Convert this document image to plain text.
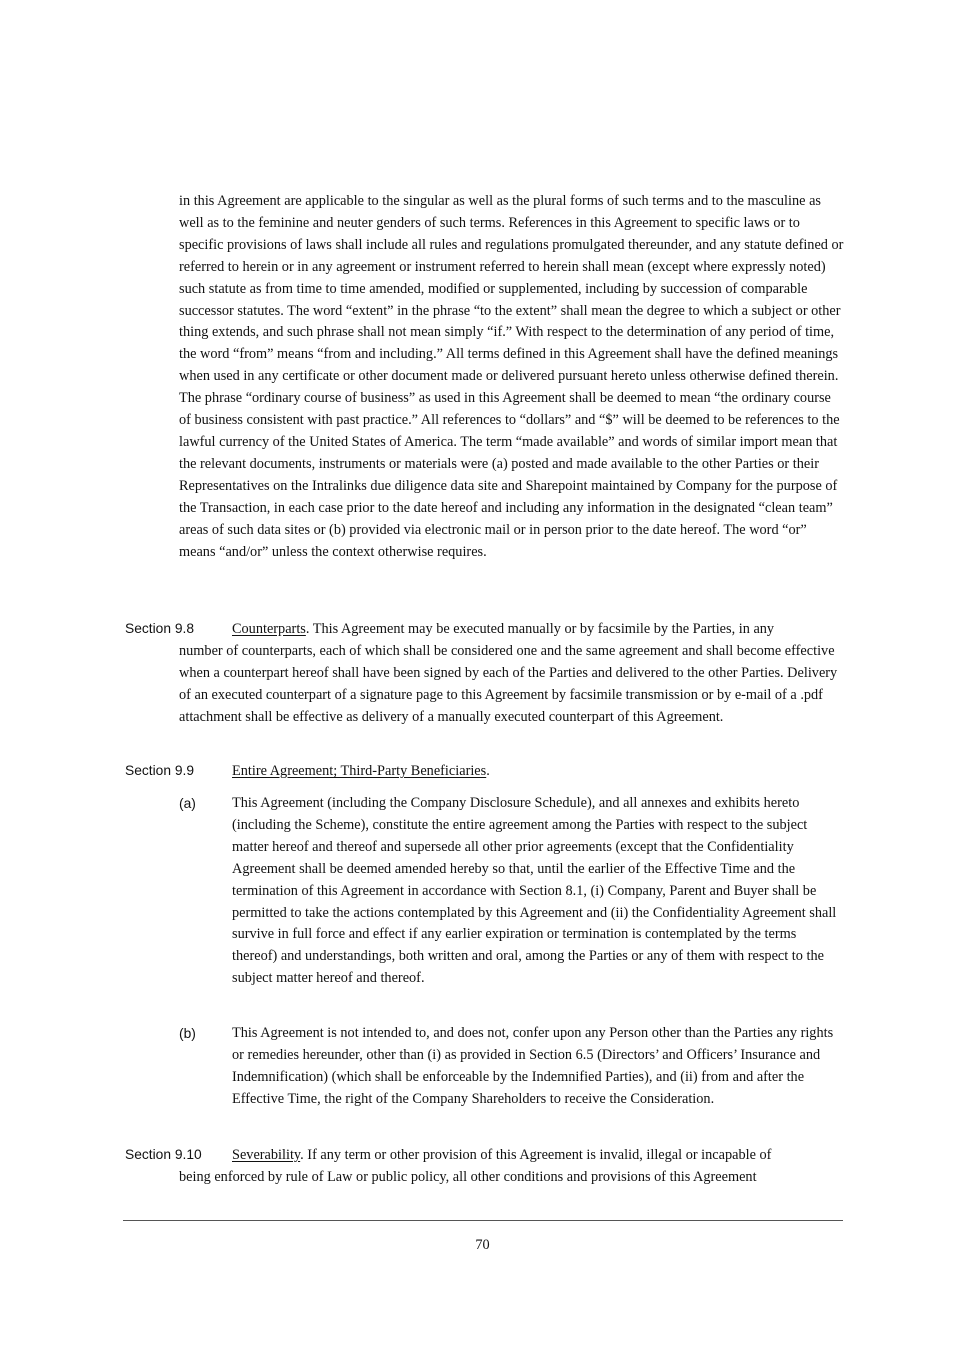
in this Agreement are applicable to the singular as well as the plural forms of such terms and to the masculine as well as to the feminine and neuter genders of such terms. References in this Agreement to specific laws or to specific provisions of laws shall include all rules and regulations promulgated thereunder, and any statute defined or referred to herein or in any agreement or instrument referred to herein shall mean (except where expressly noted) such statute as from time to time amended, modified or supplemented, including by succession of comparable successor statutes. The word “extent” in the phrase “to the extent” shall mean the degree to which a subject or other thing extends, and such phrase shall not mean simply “if.” With respect to the determination of any period of time, the word “from” means “from and including.” All terms defined in this Agreement shall have the defined meanings when used in any certificate or other document made or delivered pursuant hereto unless otherwise defined therein. The phrase “ordinary course of business” as used in this Agreement shall be deemed to mean “the ordinary course of business consistent with past practice.” All references to “dollars” and “$” will be deemed to be references to the lawful currency of the United States of America. The term “made available” and words of similar import mean that the relevant documents, instruments or materials were (a) posted and made available to the other Parties or their Representatives on the Intralinks due diligence data site and Sharepoint maintained by Company for the purpose of the Transaction, in each case prior to the date hereof and including any information in the designated “clean team” areas of such data sites or (b) provided via electronic mail or in person prior to the date hereof. The word “or” means “and/or” unless the context otherwise requires.

Section 9.8	Counterparts. This Agreement may be executed manually or by facsimile by the Parties, in any
number of counterparts, each of which shall be considered one and the same agreement and shall become effective when a counterpart hereof shall have been signed by each of the Parties and delivered to the other Parties. Delivery of an executed counterpart of a signature page to this Agreement by facsimile transmission or by e-mail of a .pdf attachment shall be effective as delivery of a manually executed counterpart of this Agreement.
Section 9.9	Entire Agreement; Third-Party Beneficiaries.
(a)	This Agreement (including the Company Disclosure Schedule), and all annexes and exhibits hereto (including the Scheme), constitute the entire agreement among the Parties with respect to the subject matter hereof and thereof and supersede all other prior agreements (except that the Confidentiality Agreement shall be deemed amended hereby so that, until the earlier of the Effective Time and the termination of this Agreement in accordance with Section 8.1, (i) Company, Parent and Buyer shall be permitted to take the actions contemplated by this Agreement and (ii) the Confidentiality Agreement shall survive in full force and effect if any earlier expiration or termination is contemplated by the terms thereof) and understandings, both written and oral, among the Parties or any of them with respect to the subject matter hereof and thereof.
(b)	This Agreement is not intended to, and does not, confer upon any Person other than the Parties any rights or remedies hereunder, other than (i) as provided in Section 6.5 (Directors’ and Officers’ Insurance and Indemnification) (which shall be enforceable by the Indemnified Parties), and (ii) from and after the Effective Time, the right of the Company Shareholders to receive the Consideration.
Section 9.10 Severability. If any term or other provision of this Agreement is invalid, illegal or incapable of
being enforced by rule of Law or public policy, all other conditions and provisions of this Agreement
70
